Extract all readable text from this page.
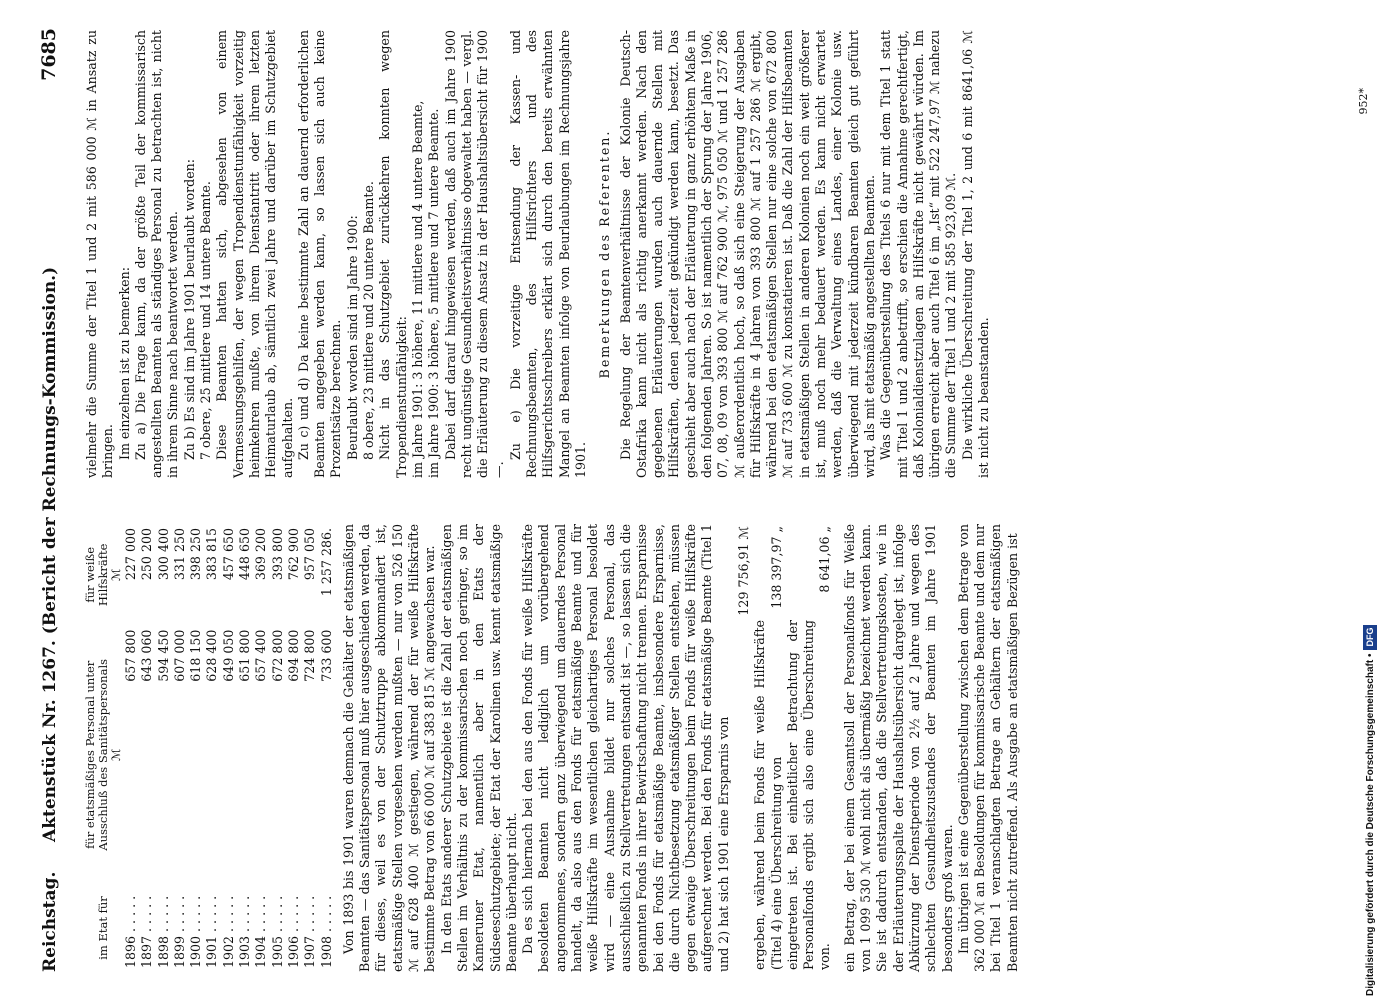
Reichstag.
Aktenstück Nr. 1267. (Bericht der Rechnungs-Kommission.)
7685
im Etat für	für etatsmäßiges Personal unter Ausschluß des Sanitätspersonals	für weiße Hilfskräfte
	ℳ	ℳ
1896 . . . . .	657 800	227 000
1897 . . . . .	643 060	250 200
1898 . . . . .	594 450	300 400
1899 . . . . .	607 000	331 250
1900 . . . . .	618 150	398 250
1901 . . . . .	628 400	383 815
1902 . . . . .	649 050	457 650
1903 . . . . .	651 800	448 650
1904 . . . . .	657 400	369 200
1905 . . . . .	672 800	393 800
1906 . . . . .	694 800	762 900
1907 . . . . .	724 800	957 050
1908 . . . . .	733 600	1 257 286. Von 1893 bis 1901 waren demnach die Gehälter der etatsmäßigen Beamten — das Sanitätspersonal muß hier ausgeschieden werden, da für dieses, weil es von der Schutztruppe abkommandiert ist, etatsmäßige Stellen vorgesehen werden mußten — nur von 526 150 ℳ auf 628 400 ℳ gestiegen, während der für weiße Hilfskräfte bestimmte Betrag von 66 000 ℳ auf 383 815 ℳ angewachsen war. In den Etats anderer Schutzgebiete ist die Zahl der etatsmäßigen Stellen im Verhältnis zu der kommissarischen noch geringer, so im Kameruner Etat, namentlich aber in den Etats der Südseeschutzgebiete; der Etat der Karolinen usw. kennt etatsmäßige Beamte überhaupt nicht. Da es sich hiernach bei den aus den Fonds für weiße Hilfskräfte besoldeten Beamten nicht lediglich um vorübergehend angenommenes, sondern ganz überwiegend um dauerndes Personal handelt, da also aus den Fonds für etatsmäßige Beamte und für weiße Hilfskräfte im wesentlichen gleichartiges Personal besoldet wird — eine Ausnahme bildet nur solches Personal, das ausschließlich zu Stellvertretungen entsandt ist —, so lassen sich die genannten Fonds in ihrer Bewirtschaftung nicht trennen. Ersparnisse bei den Fonds für etatsmäßige Beamte, insbesondere Ersparnisse, die durch Nichtbesetzung etatsmäßiger Stellen entstehen, müssen gegen etwaige Überschreitungen beim Fonds für weiße Hilfskräfte aufgerechnet werden. Bei den Fonds für etatsmäßige Beamte (Titel 1 und 2) hat sich 1901 eine Ersparnis von

	129 756,91 ℳ
ergeben, während beim Fonds für weiße Hilfskräfte (Titel 4) eine Überschreitung von	138 397,97 „
eingetreten ist. Bei einheitlicher Betrachtung der Personalfonds ergibt sich also eine Überschreitung von.	8 641,06 „ ein Betrag, der bei einem Gesamtsoll der Personalfonds für Weiße von 1 099 530 ℳ wohl nicht als übermäßig bezeichnet werden kann. Sie ist dadurch entstanden, daß die Stellvertretungskosten, wie in der Erläuterungsspalte der Haushaltsübersicht dargelegt ist, infolge Abkürzung der Dienstperiode von 2½ auf 2 Jahre und wegen des schlechten Gesundheitszustandes der Beamten im Jahre 1901 besonders groß waren. Im übrigen ist eine Gegenüberstellung zwischen dem Betrage von 362 000 ℳ an Besoldungen für kommissarische Beamte und dem nur bei Titel 1 veranschlagten Betrage an Gehältern der etatsmäßigen Beamten nicht zutreffend. Als Ausgabe an etatsmäßigen Bezügen ist

vielmehr die Summe der Titel 1 und 2 mit 586 000 ℳ in Ansatz zu bringen. Im einzelnen ist zu bemerken: Zu a) Die Frage kann, da der größte Teil der kommissarisch angestellten Beamten als ständiges Personal zu betrachten ist, nicht in ihrem Sinne nach beantwortet werden. Zu b) Es sind im Jahre 1901 beurlaubt worden: 7 obere, 25 mittlere und 14 untere Beamte. Diese Beamten hatten sich, abgesehen von einem Vermessungsgehilfen, der wegen Tropendienstunfähigkeit vorzeitig heimkehren mußte, von ihrem Dienstantritt oder ihrem letzten Heimaturlaub ab, sämtlich zwei Jahre und darüber im Schutzgebiet aufgehalten. Zu c) und d) Da keine bestimmte Zahl an dauernd erforderlichen Beamten angegeben werden kann, so lassen sich auch keine Prozentsätze berechnen. Beurlaubt worden sind im Jahre 1900: 8 obere, 23 mittlere und 20 untere Beamte. Nicht in das Schutzgebiet zurückkehren konnten wegen Tropendienstunfähigkeit: im Jahre 1901: 3 höhere, 11 mittlere und 4 untere Beamte, im Jahre 1900: 3 höhere, 5 mittlere und 7 untere Beamte. Dabei darf darauf hingewiesen werden, daß auch im Jahre 1900 recht ungünstige Gesundheitsverhältnisse obgewaltet haben — vergl. die Erläuterung zu diesem Ansatz in der Haushaltsübersicht für 1900 —.

Zu e) Die vorzeitige Entsendung der Kassen- und Rechnungsbeamten, des Hilfsrichters und des Hilfsgerichtsschreibers erklärt sich durch den bereits erwähnten Mangel an Beamten infolge von Beurlaubungen im Rechnungsjahre 1901.

Bemerkungen des Referenten. Die Regelung der Beamtenverhältnisse der Kolonie Deutsch-Ostafrika kann nicht als richtig anerkannt werden. Nach den gegebenen Erläuterungen wurden auch dauernde Stellen mit Hilfskräften, denen jederzeit gekündigt werden kann, besetzt. Das geschieht aber auch nach der Erläuterung in ganz erhöhtem Maße in den folgenden Jahren. So ist namentlich der Sprung der Jahre 1906, 07, 08, 09 von 393 800 ℳ auf 762 900 ℳ, 975 050 ℳ und 1 257 286 ℳ außerordentlich hoch, so daß sich eine Steigerung der Ausgaben für Hilfskräfte in 4 Jahren von 393 800 ℳ auf 1 257 286 ℳ ergibt, während bei den etatsmäßigen Stellen nur eine solche von 672 800 ℳ auf 733 600 ℳ zu konstatieren ist. Daß die Zahl der Hilfsbeamten in etatsmäßigen Stellen in anderen Kolonien noch ein weit größerer ist, muß noch mehr bedauert werden. Es kann nicht erwartet werden, daß die Verwaltung eines Landes, einer Kolonie usw. überwiegend mit jederzeit kündbaren Beamten gleich gut geführt wird, als mit etatsmäßig angestellten Beamten. Was die Gegenüberstellung des Titels 6 nur mit dem Titel 1 statt mit Titel 1 und 2 anbetrifft, so erschien die Annahme gerechtfertigt, daß Kolonialdienstzulagen an Hilfskräfte nicht gewährt würden. Im übrigen erreicht aber auch Titel 6 im „Ist“ mit 522 247,97 ℳ nahezu die Summe der Titel 1 und 2 mit 585 923,09 ℳ. Die wirkliche Überschreitung der Titel 1, 2 und 6 mit 8641,06 ℳ ist nicht zu beanstanden.

952*
Digitalisierung gefördert durch die Deutsche Forschungsgemeinschaft •DFG
